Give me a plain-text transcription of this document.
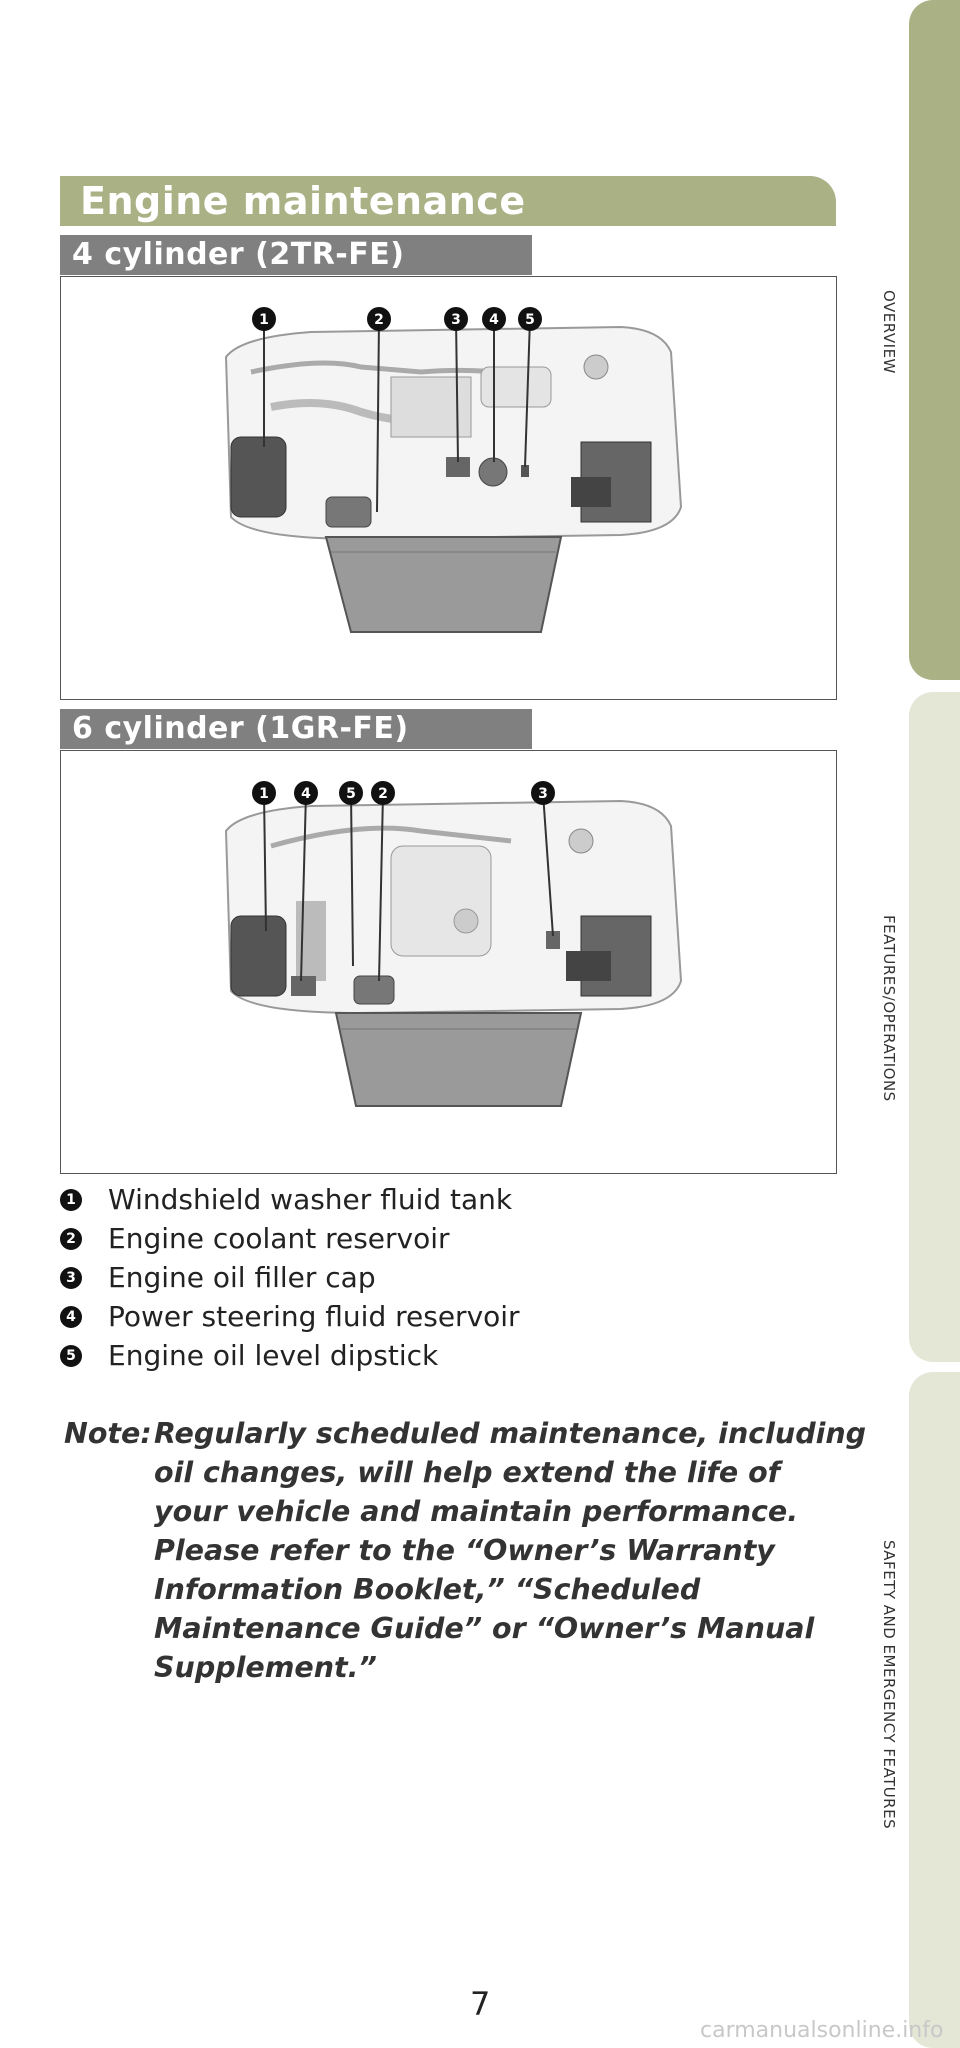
OVERVIEW
FEATURES/OPERATIONS
SAFETY AND EMERGENCY FEATURES
Engine maintenance
4 cylinder (2TR-FE)
1	2	3 4 5
6 cylinder (1GR-FE)
1 4	5 2	3
1 Windshield washer fluid tank
2 Engine coolant reservoir
3 Engine oil filler cap
4 Power steering fluid reservoir
5 Engine oil level dipstick
Note: Regularly scheduled maintenance, including
oil changes, will help extend the life of
your vehicle and maintain performance.
Please refer to the “Owner’s Warranty
Information Booklet,” “Scheduled
Maintenance Guide” or “Owner’s Manual
Supplement.”
7
carmanualsonline.info
